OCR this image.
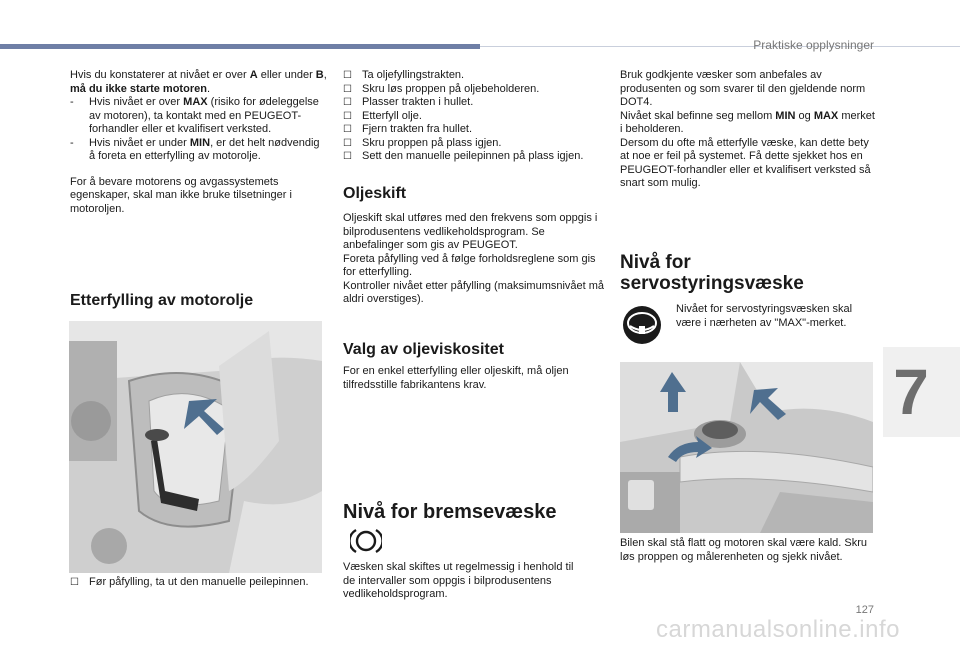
Praktiske opplysninger

Hvis du konstaterer at nivået er over A eller under B,
må du ikke starte motoren.

- Hvis nivået er over MAX (risiko for ødeleggelse av motoren), ta kontakt med en PEUGEOT-forhandler eller et kvalifisert verksted.
- Hvis nivået er under MIN, er det helt nødvendig å foreta en etterfylling av motorolje.

For å bevare motorens og avgassystemets egenskaper, skal man ikke bruke tilsetninger i motoroljen.

Etterfylling av motorolje
☐ Før påfylling, ta ut den manuelle peilepinnen.
☐ Ta oljefyllingstrakten.
☐ Skru løs proppen på oljebeholderen.
☐ Plasser trakten i hullet.
☐ Etterfyll olje.
☐ Fjern trakten fra hullet.
☐ Skru proppen på plass igjen.
☐ Sett den manuelle peilepinnen på plass igjen.
Oljeskift
Oljeskift skal utføres med den frekvens som oppgis i bilprodusentens vedlikeholdsprogram. Se anbefalinger som gis av PEUGEOT.
Foreta påfylling ved å følge forholdsreglene som gis for etterfylling.
Kontroller nivået etter påfylling (maksimumsnivået må aldri overstiges).
Valg av oljeviskositet
For en enkel etterfylling eller oljeskift, må oljen tilfredsstille fabrikantens krav.
Nivå for bremsevæske
Væsken skal skiftes ut regelmessig i henhold til de intervaller som oppgis i bilprodusentens vedlikeholdsprogram.
Bruk godkjente væsker som anbefales av produsenten og som svarer til den gjeldende norm DOT4.
Nivået skal befinne seg mellom MIN og MAX merket i beholderen.
Dersom du ofte må etterfylle væske, kan dette bety at noe er feil på systemet. Få dette sjekket hos en PEUGEOT-forhandler eller et kvalifisert verksted så snart som mulig.
Nivå for
servostyringsvæske
Nivået for servostyringsvæsken skal være i nærheten av "MAX"-merket.
Bilen skal stå flatt og motoren skal være kald. Skru løs proppen og målerenheten og sjekk nivået.
7
127
carmanualsonline.info
